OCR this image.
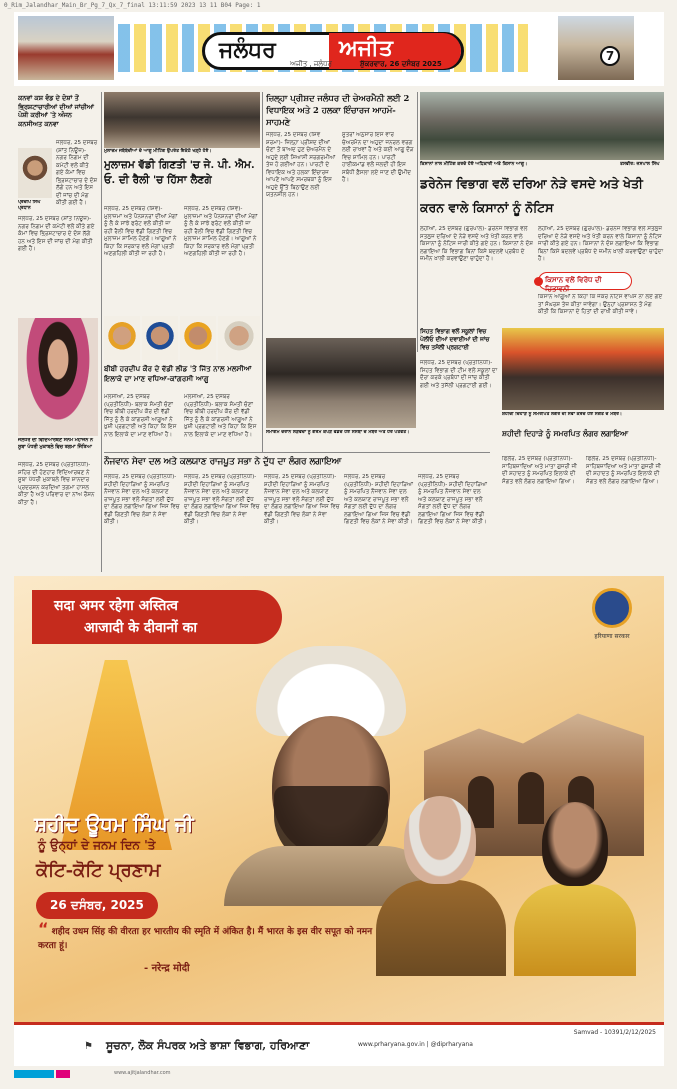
0_Rim_Jalandhar_Main_Br_Pg_7_Qx_7_final 13:11:59 2023 13 11 B04 Page: 1
ਜਲੰਧਰ	ਅਜੀਤ	7
ਅਜੀਤ , ਜਲੰਧਰ	ਸ਼ੁੱਕਰਵਾਰ, 26 ਦਸੰਬਰ 2025
ਕਨਵਾਂ ਕਸ਼ ਵੰਡ ਦੇ ਦੋਸ਼ਾਂ ਤੋਂ ਭ੍ਰਿਸ਼ਟਾਚਾਰੀਆਂ ਦੀਆਂ ਜਾਂਚੀਆਂ ਪੋਸ਼ੀ ਕਰੀਆਂ 'ਤੇ ਅੰਜਨ ਕਨਸੀਅਤ ਕਨਵਾ
ਪ੍ਰਦੀਪ ਸਿੰਘ ਪ੍ਰਧਾਨ
ਜਲੰਧਰ, 25 ਦਸੰਬਰ (ਸ਼ਾਂਤ ਨਿਊਜ਼)- ਨਗਰ ਨਿਗਮ ਦੀ ਕਮੇਟੀ ਵਲੋਂ ਕੀਤੇ ਗਏ ਕੰਮਾਂ ਵਿਚ ਭ੍ਰਿਸ਼ਟਾਚਾਰ ਦੇ ਦੋਸ਼ ਲੱਗੇ ਹਨ ਅਤੇ ਇਸ ਦੀ ਜਾਂਚ ਦੀ ਮੰਗ ਕੀਤੀ ਗਈ ਹੈ।
ਜਲੰਧਰ, 25 ਦਸੰਬਰ (ਸ਼ਾਂਤ ਨਿਊਜ਼)- ਨਗਰ ਨਿਗਮ ਦੀ ਕਮੇਟੀ ਵਲੋਂ ਕੀਤੇ ਗਏ ਕੰਮਾਂ ਵਿਚ ਭ੍ਰਿਸ਼ਟਾਚਾਰ ਦੇ ਦੋਸ਼ ਲੱਗੇ ਹਨ ਅਤੇ ਇਸ ਦੀ ਜਾਂਚ ਦੀ ਮੰਗ ਕੀਤੀ ਗਈ ਹੈ।
ਜਲੰਧਰ ਦੀ ਵਿਦਿਆਰਥਣ ਸੋਨਮ ਮਹਾਜਨ ਨੇ ਸੂਬਾ ਪੱਧਰੀ ਮੁਕਾਬਲੇ ਵਿਚ ਤਗਮਾ ਜਿੱਤਿਆ
ਜਲੰਧਰ, 25 ਦਸੰਬਰ (ਪ੍ਰਤੀਨਿਧੀ)- ਸ਼ਹਿਰ ਦੀ ਹੋਣਹਾਰ ਵਿਦਿਆਰਥਣ ਨੇ ਸੂਬਾ ਪੱਧਰੀ ਮੁਕਾਬਲੇ ਵਿਚ ਸ਼ਾਨਦਾਰ ਪ੍ਰਦਰਸ਼ਨ ਕਰਦਿਆਂ ਤਗਮਾ ਹਾਸਲ ਕੀਤਾ ਹੈ ਅਤੇ ਪਰਿਵਾਰ ਦਾ ਨਾਂਅ ਰੌਸ਼ਨ ਕੀਤਾ ਹੈ।
ਮੁਲਾਜ਼ਮ ਜਥੇਬੰਦੀਆਂ ਦੇ ਆਗੂ ਮੀਟਿੰਗ ਉਪਰੰਤ ਇਕੱਠੇ ਖੜ੍ਹੇ ਹੋਏ।
ਮੁਲਾਜ਼ਮ ਵੱਡੀ ਗਿਣਤੀ 'ਚ ਜੇ. ਪੀ. ਐਮ. ਓ. ਦੀ ਰੈਲੀ 'ਚ ਹਿੱਸਾ ਲੈਣਗੇ
ਜਲੰਧਰ, 25 ਦਸੰਬਰ (ਸ਼ਿਵ)- ਮੁਲਾਜ਼ਮਾਂ ਅਤੇ ਪੈਨਸ਼ਨਰਾਂ ਦੀਆਂ ਮੰਗਾਂ ਨੂੰ ਲੈ ਕੇ ਸਾਂਝੇ ਫਰੰਟ ਵਲੋਂ ਕੀਤੀ ਜਾ ਰਹੀ ਰੈਲੀ ਵਿਚ ਵੱਡੀ ਗਿਣਤੀ ਵਿਚ ਮੁਲਾਜ਼ਮ ਸ਼ਾਮਿਲ ਹੋਣਗੇ। ਆਗੂਆਂ ਨੇ ਕਿਹਾ ਕਿ ਸਰਕਾਰ ਵਲੋਂ ਮੰਗਾਂ ਪ੍ਰਤੀ ਅਣਗਹਿਲੀ ਕੀਤੀ ਜਾ ਰਹੀ ਹੈ।
ਜਲੰਧਰ, 25 ਦਸੰਬਰ (ਸ਼ਿਵ)- ਮੁਲਾਜ਼ਮਾਂ ਅਤੇ ਪੈਨਸ਼ਨਰਾਂ ਦੀਆਂ ਮੰਗਾਂ ਨੂੰ ਲੈ ਕੇ ਸਾਂਝੇ ਫਰੰਟ ਵਲੋਂ ਕੀਤੀ ਜਾ ਰਹੀ ਰੈਲੀ ਵਿਚ ਵੱਡੀ ਗਿਣਤੀ ਵਿਚ ਮੁਲਾਜ਼ਮ ਸ਼ਾਮਿਲ ਹੋਣਗੇ। ਆਗੂਆਂ ਨੇ ਕਿਹਾ ਕਿ ਸਰਕਾਰ ਵਲੋਂ ਮੰਗਾਂ ਪ੍ਰਤੀ ਅਣਗਹਿਲੀ ਕੀਤੀ ਜਾ ਰਹੀ ਹੈ।
ਬੀਬੀ ਹਰਦੀਪ ਕੌਰ ਦੇ ਵੱਡੀ ਲੀਡ 'ਤੇ ਜਿੱਤ ਨਾਲ ਮਲਸੀਆਂ ਇਲਾਕੇ ਦਾ ਮਾਣ ਵਧਿਆ-ਕਾਂਗਰਸੀ ਆਗੂ
ਮਲਸੀਆਂ, 25 ਦਸੰਬਰ (ਪ੍ਰਤੀਨਿਧੀ)- ਬਲਾਕ ਸੰਮਤੀ ਚੋਣਾਂ ਵਿਚ ਬੀਬੀ ਹਰਦੀਪ ਕੌਰ ਦੀ ਵੱਡੀ ਜਿੱਤ ਨੂੰ ਲੈ ਕੇ ਕਾਂਗਰਸੀ ਆਗੂਆਂ ਨੇ ਖ਼ੁਸ਼ੀ ਪ੍ਰਗਟਾਈ ਅਤੇ ਕਿਹਾ ਕਿ ਇਸ ਨਾਲ ਇਲਾਕੇ ਦਾ ਮਾਣ ਵਧਿਆ ਹੈ।
ਮਲਸੀਆਂ, 25 ਦਸੰਬਰ (ਪ੍ਰਤੀਨਿਧੀ)- ਬਲਾਕ ਸੰਮਤੀ ਚੋਣਾਂ ਵਿਚ ਬੀਬੀ ਹਰਦੀਪ ਕੌਰ ਦੀ ਵੱਡੀ ਜਿੱਤ ਨੂੰ ਲੈ ਕੇ ਕਾਂਗਰਸੀ ਆਗੂਆਂ ਨੇ ਖ਼ੁਸ਼ੀ ਪ੍ਰਗਟਾਈ ਅਤੇ ਕਿਹਾ ਕਿ ਇਸ ਨਾਲ ਇਲਾਕੇ ਦਾ ਮਾਣ ਵਧਿਆ ਹੈ।
ਜ਼ਿਲ੍ਹਾ ਪ੍ਰੀਸ਼ਦ ਜਲੰਧਰ ਦੀ ਚੇਅਰਮੈਨੀ ਲਈ 2 ਵਿਧਾਇਕ ਅਤੇ 2 ਹਲਕਾ ਇੰਚਾਰਜ ਆਹਮੋ-ਸਾਹਮਣੇ
ਜਲੰਧਰ, 25 ਦਸੰਬਰ (ਸ਼ਿਵ ਸ਼ਰਮਾ)- ਜ਼ਿਲ੍ਹਾ ਪ੍ਰੀਸ਼ਦ ਦੀਆਂ ਚੋਣਾਂ ਤੋਂ ਬਾਅਦ ਹੁਣ ਚੇਅਰਮੈਨ ਦੇ ਅਹੁਦੇ ਲਈ ਸਿਆਸੀ ਸਰਗਰਮੀਆਂ ਤੇਜ਼ ਹੋ ਗਈਆਂ ਹਨ। ਪਾਰਟੀ ਦੇ ਵਿਧਾਇਕ ਅਤੇ ਹਲਕਾ ਇੰਚਾਰਜ ਆਪਣੇ ਆਪਣੇ ਸਮਰਥਕਾਂ ਨੂੰ ਇਸ ਅਹੁਦੇ ਉੱਤੇ ਬਿਠਾਉਣ ਲਈ ਯਤਨਸ਼ੀਲ ਹਨ।
ਸੂਤਰਾਂ ਅਨੁਸਾਰ ਇਸ ਵਾਰ ਚੇਅਰਮੈਨ ਦਾ ਅਹੁਦਾ ਜਨਰਲ ਵਰਗ ਲਈ ਰਾਖਵਾਂ ਹੈ ਅਤੇ ਕਈ ਆਗੂ ਦੌੜ ਵਿਚ ਸ਼ਾਮਿਲ ਹਨ। ਪਾਰਟੀ ਹਾਈਕਮਾਂਡ ਵਲੋਂ ਜਲਦੀ ਹੀ ਇਸ ਸਬੰਧੀ ਫ਼ੈਸਲਾ ਲਏ ਜਾਣ ਦੀ ਉਮੀਦ ਹੈ।
ਸਮਾਗਮ ਦੌਰਾਨ ਲੋੜਵੰਦਾਂ ਨੂੰ ਗਰਮ ਕੱਪੜੇ ਵੰਡਦੇ ਹੋਏ ਸੰਸਥਾ ਦੇ ਮੈਂਬਰ ਅਤੇ ਹੋਰ ਪਤਵੰਤੇ।
ਨੌਜਵਾਨ ਸੇਵਾ ਦਲ ਅਤੇ ਕਲਯਾਣ ਰਾਜਪੂਤ ਸਭਾ ਨੇ ਦੁੱਧ ਦਾ ਲੰਗਰ ਲਗਾਇਆ
ਜਲੰਧਰ, 25 ਦਸੰਬਰ (ਪ੍ਰਤੀਨਿਧੀ)- ਸ਼ਹੀਦੀ ਦਿਹਾੜਿਆਂ ਨੂੰ ਸਮਰਪਿਤ ਨੌਜਵਾਨ ਸੇਵਾ ਦਲ ਅਤੇ ਕਲਯਾਣ ਰਾਜਪੂਤ ਸਭਾ ਵਲੋਂ ਸੰਗਤਾਂ ਲਈ ਦੁੱਧ ਦਾ ਲੰਗਰ ਲਗਾਇਆ ਗਿਆ ਜਿਸ ਵਿਚ ਵੱਡੀ ਗਿਣਤੀ ਵਿਚ ਲੋਕਾਂ ਨੇ ਸੇਵਾ ਕੀਤੀ।
ਜਲੰਧਰ, 25 ਦਸੰਬਰ (ਪ੍ਰਤੀਨਿਧੀ)- ਸ਼ਹੀਦੀ ਦਿਹਾੜਿਆਂ ਨੂੰ ਸਮਰਪਿਤ ਨੌਜਵਾਨ ਸੇਵਾ ਦਲ ਅਤੇ ਕਲਯਾਣ ਰਾਜਪੂਤ ਸਭਾ ਵਲੋਂ ਸੰਗਤਾਂ ਲਈ ਦੁੱਧ ਦਾ ਲੰਗਰ ਲਗਾਇਆ ਗਿਆ ਜਿਸ ਵਿਚ ਵੱਡੀ ਗਿਣਤੀ ਵਿਚ ਲੋਕਾਂ ਨੇ ਸੇਵਾ ਕੀਤੀ।
ਜਲੰਧਰ, 25 ਦਸੰਬਰ (ਪ੍ਰਤੀਨਿਧੀ)- ਸ਼ਹੀਦੀ ਦਿਹਾੜਿਆਂ ਨੂੰ ਸਮਰਪਿਤ ਨੌਜਵਾਨ ਸੇਵਾ ਦਲ ਅਤੇ ਕਲਯਾਣ ਰਾਜਪੂਤ ਸਭਾ ਵਲੋਂ ਸੰਗਤਾਂ ਲਈ ਦੁੱਧ ਦਾ ਲੰਗਰ ਲਗਾਇਆ ਗਿਆ ਜਿਸ ਵਿਚ ਵੱਡੀ ਗਿਣਤੀ ਵਿਚ ਲੋਕਾਂ ਨੇ ਸੇਵਾ ਕੀਤੀ।
ਜਲੰਧਰ, 25 ਦਸੰਬਰ (ਪ੍ਰਤੀਨਿਧੀ)- ਸ਼ਹੀਦੀ ਦਿਹਾੜਿਆਂ ਨੂੰ ਸਮਰਪਿਤ ਨੌਜਵਾਨ ਸੇਵਾ ਦਲ ਅਤੇ ਕਲਯਾਣ ਰਾਜਪੂਤ ਸਭਾ ਵਲੋਂ ਸੰਗਤਾਂ ਲਈ ਦੁੱਧ ਦਾ ਲੰਗਰ ਲਗਾਇਆ ਗਿਆ ਜਿਸ ਵਿਚ ਵੱਡੀ ਗਿਣਤੀ ਵਿਚ ਲੋਕਾਂ ਨੇ ਸੇਵਾ ਕੀਤੀ।
ਜਲੰਧਰ, 25 ਦਸੰਬਰ (ਪ੍ਰਤੀਨਿਧੀ)- ਸ਼ਹੀਦੀ ਦਿਹਾੜਿਆਂ ਨੂੰ ਸਮਰਪਿਤ ਨੌਜਵਾਨ ਸੇਵਾ ਦਲ ਅਤੇ ਕਲਯਾਣ ਰਾਜਪੂਤ ਸਭਾ ਵਲੋਂ ਸੰਗਤਾਂ ਲਈ ਦੁੱਧ ਦਾ ਲੰਗਰ ਲਗਾਇਆ ਗਿਆ ਜਿਸ ਵਿਚ ਵੱਡੀ ਗਿਣਤੀ ਵਿਚ ਲੋਕਾਂ ਨੇ ਸੇਵਾ ਕੀਤੀ।
ਕਿਸਾਨਾਂ ਨਾਲ ਮੀਟਿੰਗ ਕਰਦੇ ਹੋਏ ਅਧਿਕਾਰੀ ਅਤੇ ਕਿਸਾਨ ਆਗੂ।	ਤਸਵੀਰ: ਜਸਪਾਲ ਸਿੰਘ
ਡਰੇਨੇਜ ਵਿਭਾਗ ਵਲੋਂ ਦਰਿਆ ਨੇੜੇ ਵਸਦੇ ਅਤੇ ਖੇਤੀ ਕਰਨ ਵਾਲੇ ਕਿਸਾਨਾਂ ਨੂੰ ਨੋਟਿਸ
ਲੋਹੀਆਂ, 25 ਦਸੰਬਰ (ਗੁਰਪਾਲ)- ਡਰੇਨੇਜ ਵਿਭਾਗ ਵਲੋਂ ਸਤਲੁਜ ਦਰਿਆ ਦੇ ਨੇੜੇ ਵਸਦੇ ਅਤੇ ਖੇਤੀ ਕਰਨ ਵਾਲੇ ਕਿਸਾਨਾਂ ਨੂੰ ਨੋਟਿਸ ਜਾਰੀ ਕੀਤੇ ਗਏ ਹਨ। ਕਿਸਾਨਾਂ ਨੇ ਦੋਸ਼ ਲਗਾਇਆ ਕਿ ਵਿਭਾਗ ਬਿਨਾਂ ਕਿਸੇ ਬਦਲਵੇਂ ਪ੍ਰਬੰਧ ਦੇ ਜ਼ਮੀਨ ਖ਼ਾਲੀ ਕਰਵਾਉਣਾ ਚਾਹੁੰਦਾ ਹੈ।
ਕਿਸਾਨ ਵਲੋਂ ਵਿਰੋਧ ਦੀ ਚਿਤਾਵਨੀ
ਲੋਹੀਆਂ, 25 ਦਸੰਬਰ (ਗੁਰਪਾਲ)- ਡਰੇਨੇਜ ਵਿਭਾਗ ਵਲੋਂ ਸਤਲੁਜ ਦਰਿਆ ਦੇ ਨੇੜੇ ਵਸਦੇ ਅਤੇ ਖੇਤੀ ਕਰਨ ਵਾਲੇ ਕਿਸਾਨਾਂ ਨੂੰ ਨੋਟਿਸ ਜਾਰੀ ਕੀਤੇ ਗਏ ਹਨ। ਕਿਸਾਨਾਂ ਨੇ ਦੋਸ਼ ਲਗਾਇਆ ਕਿ ਵਿਭਾਗ ਬਿਨਾਂ ਕਿਸੇ ਬਦਲਵੇਂ ਪ੍ਰਬੰਧ ਦੇ ਜ਼ਮੀਨ ਖ਼ਾਲੀ ਕਰਵਾਉਣਾ ਚਾਹੁੰਦਾ ਹੈ।
ਕਿਸਾਨ ਆਗੂਆਂ ਨੇ ਕਿਹਾ ਕਿ ਜੇਕਰ ਨੋਟਿਸ ਵਾਪਸ ਨਾ ਲਏ ਗਏ ਤਾਂ ਸੰਘਰਸ਼ ਤੇਜ਼ ਕੀਤਾ ਜਾਵੇਗਾ। ਉਨ੍ਹਾਂ ਪ੍ਰਸ਼ਾਸਨ ਤੋਂ ਮੰਗ ਕੀਤੀ ਕਿ ਕਿਸਾਨਾਂ ਦੇ ਹਿਤਾਂ ਦੀ ਰਾਖੀ ਕੀਤੀ ਜਾਵੇ।
ਸਿਹਤ ਵਿਭਾਗ ਵਲੋਂ ਸਕੂਲਾਂ ਵਿਚ ਪੋਲੀਓ ਦੀਆਂ ਦਵਾਈਆਂ ਦੀ ਜਾਂਚ ਵਿਚ ਤਸੱਲੀ ਪ੍ਰਗਟਾਈ
ਜਲੰਧਰ, 25 ਦਸੰਬਰ (ਪ੍ਰਤੀਨਿਧੀ)- ਸਿਹਤ ਵਿਭਾਗ ਦੀ ਟੀਮ ਵਲੋਂ ਸਕੂਲਾਂ ਦਾ ਦੌਰਾ ਕਰਕੇ ਪ੍ਰਬੰਧਾਂ ਦੀ ਜਾਂਚ ਕੀਤੀ ਗਈ ਅਤੇ ਤਸੱਲੀ ਪ੍ਰਗਟਾਈ ਗਈ।
ਸ਼ਹੀਦੀ ਦਿਹਾੜੇ ਨੂੰ ਸਮਰਪਿਤ ਲੰਗਰ ਦੀ ਸੇਵਾ ਕਰਦੇ ਹੋਏ ਸੰਗਤ ਦੇ ਮੈਂਬਰ।
ਸ਼ਹੀਦੀ ਦਿਹਾੜੇ ਨੂੰ ਸਮਰਪਿਤ ਲੰਗਰ ਲਗਾਇਆ
ਫਿਲੌਰ, 25 ਦਸੰਬਰ (ਪ੍ਰਤੀਨਿਧੀ)- ਸਾਹਿਬਜ਼ਾਦਿਆਂ ਅਤੇ ਮਾਤਾ ਗੁਜਰੀ ਜੀ ਦੀ ਸ਼ਹਾਦਤ ਨੂੰ ਸਮਰਪਿਤ ਇਲਾਕੇ ਦੀ ਸੰਗਤ ਵਲੋਂ ਲੰਗਰ ਲਗਾਇਆ ਗਿਆ।
ਫਿਲੌਰ, 25 ਦਸੰਬਰ (ਪ੍ਰਤੀਨਿਧੀ)- ਸਾਹਿਬਜ਼ਾਦਿਆਂ ਅਤੇ ਮਾਤਾ ਗੁਜਰੀ ਜੀ ਦੀ ਸ਼ਹਾਦਤ ਨੂੰ ਸਮਰਪਿਤ ਇਲਾਕੇ ਦੀ ਸੰਗਤ ਵਲੋਂ ਲੰਗਰ ਲਗਾਇਆ ਗਿਆ।
सदा अमर रहेगा अस्तित्व
आजादी के दीवानों का
हरियाणा सरकार
ਸ਼ਹੀਦ ਊਧਮ ਸਿੰਘ ਜੀ
ਨੂੰ ਉਨ੍ਹਾਂ ਦੇ ਜਨਮ ਦਿਨ 'ਤੇ
ਕੋਟਿ-ਕੋਟਿ ਪ੍ਰਣਾਮ
26 ਦਸੰਬਰ, 2025
“ शहीद उधम सिंह की वीरता हर भारतीय की स्मृति में अंकित है। मैं भारत के इस वीर सपूत को नमन करता हूं।
- नरेन्द्र मोदी
⚑ ਸੂਚਨਾ, ਲੋਕ ਸੰਪਰਕ ਅਤੇ ਭਾਸ਼ਾ ਵਿਭਾਗ, ਹਰਿਆਣਾ	www.prharyana.gov.in | @diprharyana
Samvad - 10391/2/12/2025
www.ajitjalandhar.com
